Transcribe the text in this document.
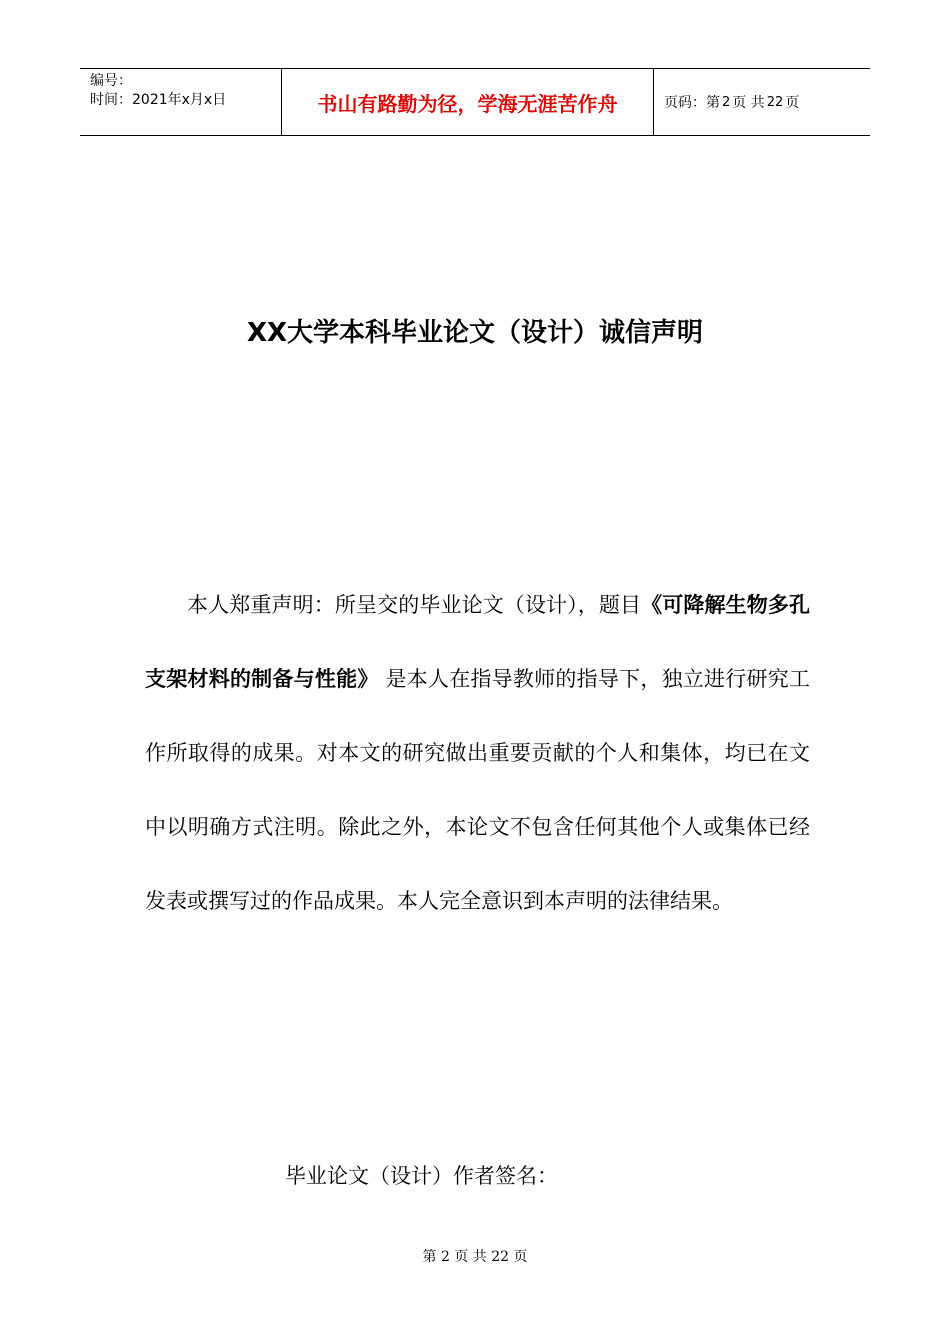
编号：
时间：2021年x月x日	书山有路勤为径，学海无涯苦作舟	页码：第 2 页 共 22 页
XX大学本科毕业论文（设计）诚信声明

本人郑重声明：所呈交的毕业论文（设计），题目《可降解生物多孔支架材料的制备与性能》 是本人在指导教师的指导下，独立进行研究工作所取得的成果。对本文的研究做出重要贡献的个人和集体，均已在文中以明确方式注明。除此之外，本论文不包含任何其他个人或集体已经发表或撰写过的作品成果。本人完全意识到本声明的法律结果。

毕业论文（设计）作者签名：
第 2 页 共 22 页
